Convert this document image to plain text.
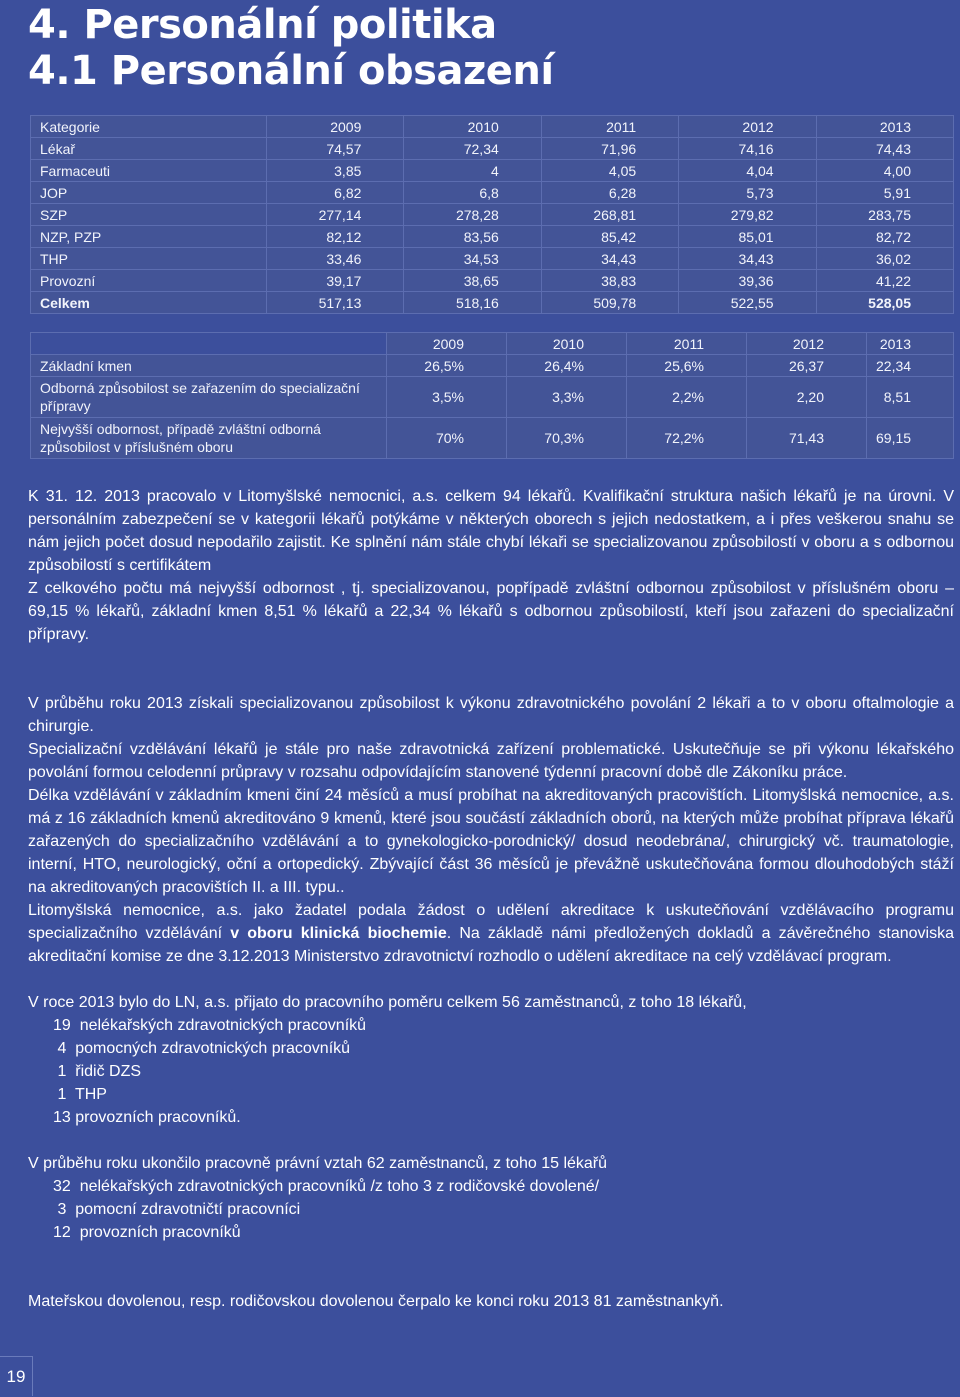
4. Personální politika
4.1 Personální obsazení
Kategorie	2009	2010	2011	2012	2013
Lékař	74,57	72,34	71,96	74,16	74,43
Farmaceuti	3,85	4	4,05	4,04	4,00
JOP	6,82	6,8	6,28	5,73	5,91
SZP	277,14	278,28	268,81	279,82	283,75
NZP, PZP	82,12	83,56	85,42	85,01	82,72
THP	33,46	34,53	34,43	34,43	36,02
Provozní	39,17	38,65	38,83	39,36	41,22
Celkem	517,13	518,16	509,78	522,55	528,05
	2009	2010	2011	2012	2013
Základní kmen	26,5%	26,4%	25,6%	26,37	22,34
Odborná způsobilost se zařazením do specializační přípravy	3,5%	3,3%	2,2%	2,20	8,51
Nejvyšší odbornost, případě zvláštní odborná způsobilost v příslušném oboru	70%	70,3%	72,2%	71,43	69,15

K 31. 12. 2013 pracovalo v Litomyšlské nemocnici, a.s. celkem 94 lékařů. Kvalifikační struktura našich lékařů je na úrovni. V personálním zabezpečení se v kategorii lékařů potýkáme v některých oborech s jejich nedostatkem, a i přes veškerou snahu se nám jejich počet dosud nepodařilo zajistit. Ke splnění nám stále chybí lékaři se specializovanou způsobilostí v oboru a s odbornou způsobilostí s certifikátem

Z celkového počtu má nejvyšší odbornost , tj. specializovanou, popřípadě zvláštní odbornou způsobilost v příslušném oboru – 69,15 % lékařů, základní kmen 8,51 % lékařů a 22,34 % lékařů s odbornou způsobilostí, kteří jsou zařazeni do specializační přípravy.

V průběhu roku 2013 získali specializovanou způsobilost k výkonu zdravotnického povolání 2 lékaři a to v oboru oftalmologie a chirurgie.

Specializační vzdělávání lékařů je stále pro naše zdravotnická zařízení problematické. Uskutečňuje se při výkonu lékařského povolání formou celodenní průpravy v rozsahu odpovídajícím stanovené týdenní pracovní době dle Zákoníku práce.

Délka vzdělávání v základním kmeni činí 24 měsíců a musí probíhat na akreditovaných pracovištích. Litomyšlská nemocnice, a.s. má z 16 základních kmenů akreditováno 9 kmenů, které jsou součástí základních oborů, na kterých může probíhat příprava lékařů zařazených do specializačního vzdělávání a to gynekologicko-porodnický/ dosud neodebrána/, chirurgický vč. traumatologie, interní, HTO, neurologický, oční a ortopedický. Zbývající část 36 měsíců je převážně uskutečňována formou dlouhodobých stáží na akreditovaných pracovištích II. a III. typu..

Litomyšlská nemocnice, a.s. jako žadatel podala žádost o udělení akreditace k uskutečňování vzdělávacího programu specializačního vzdělávání v oboru klinická biochemie. Na základě námi předložených dokladů a závěrečného stanoviska akreditační komise ze dne 3.12.2013 Ministerstvo zdravotnictví rozhodlo o udělení akreditace na celý vzdělávací program.

V roce 2013 bylo do LN, a.s. přijato do pracovního poměru celkem 56 zaměstnanců, z toho 18 lékařů,

19  nelékařských zdravotnických pracovníků

4  pomocných zdravotnických pracovníků

1  řidič DZS

1  THP

13 provozních pracovníků.

V průběhu roku ukončilo pracovně právní vztah 62 zaměstnanců, z toho 15 lékařů

32  nelékařských zdravotnických pracovníků /z toho 3 z rodičovské dovolené/

3  pomocní zdravotničtí pracovníci

12  provozních pracovníků

Mateřskou dovolenou, resp. rodičovskou dovolenou čerpalo ke konci roku 2013 81 zaměstnankyň.

19
